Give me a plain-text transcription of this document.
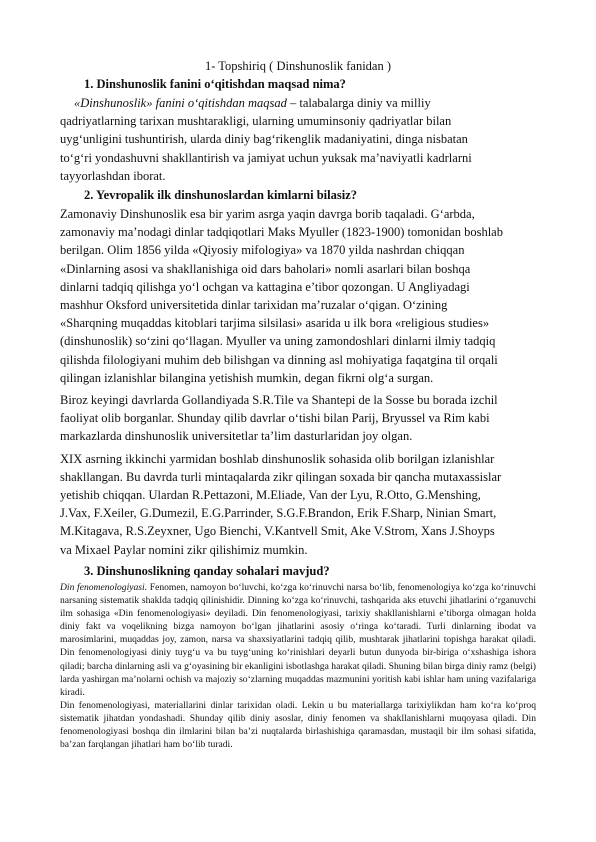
1- Topshiriq ( Dinshunoslik fanidan )

1. Dinshunoslik fanini o‘qitishdan maqsad nima?

«Dinshunoslik» fanini o‘qitishdan maqsad – talabalarga diniy va milliy

qadriyatlarning tarixan mushtarakligi, ularning umuminsoniy qadriyatlar bilan

uyg‘unligini tushuntirish, ularda diniy bag‘rikenglik madaniyatini, dinga nisbatan

to‘g‘ri yondashuvni shakllantirish va jamiyat uchun yuksak ma’naviyatli kadrlarni

tayyorlashdan iborat.

2. Yevropalik ilk dinshunoslardan kimlarni bilasiz?

Zamonaviy Dinshunoslik esa bir yarim asrga yaqin davrga borib taqaladi. G‘arbda,

zamonaviy ma’nodagi dinlar tadqiqotlari Maks Myuller (1823-1900) tomonidan boshlab

berilgan. Olim 1856 yilda «Qiyosiy mifologiya» va 1870 yilda nashrdan chiqqan

«Dinlarning asosi va shakllanishiga oid dars baholari» nomli asarlari bilan boshqa

dinlarni tadqiq qilishga yo‘l ochgan va kattagina e’tibor qozongan. U Angliyadagi

mashhur Oksford universitetida dinlar tarixidan ma’ruzalar o‘qigan. O‘zining

«Sharqning muqaddas kitoblari tarjima silsilasi» asarida u ilk bora «religious studies»

(dinshunoslik) so‘zini qo‘llagan. Myuller va uning zamondoshlari dinlarni ilmiy tadqiq

qilishda filologiyani muhim deb bilishgan va dinning asl mohiyatiga faqatgina til orqali

qilingan izlanishlar bilangina yetishish mumkin, degan fikrni olg‘a surgan.

Biroz keyingi davrlarda Gollandiyada S.R.Tile va Shantepi de la Sosse bu borada izchil

faoliyat olib borganlar. Shunday qilib davrlar o‘tishi bilan Parij, Bryussel va Rim kabi

markazlarda dinshunoslik universitetlar ta’lim dasturlaridan joy olgan.

XIX asrning ikkinchi yarmidan boshlab dinshunoslik sohasida olib borilgan izlanishlar

shakllangan. Bu davrda turli mintaqalarda zikr qilingan soxada bir qancha mutaxassislar

yetishib chiqqan. Ulardan R.Pettazoni, M.Eliade, Van der Lyu, R.Otto, G.Menshing,

J.Vax, F.Xeiler, G.Dumezil, E.G.Parrinder, S.G.F.Brandon, Erik F.Sharp, Ninian Smart,

M.Kitagava, R.S.Zeyxner, Ugo Bienchi, V.Kantvell Smit, Ake V.Strom, Xans J.Shoyps

va Mixael Paylar nomini zikr qilishimiz mumkin.

3. Dinshunoslikning qanday sohalari mavjud?

Din fenomenologiyasi. Fenomen, namoyon bo‘luvchi, ko‘zga ko‘rinuvchi narsa bo‘lib, fenomenologiya ko‘zga ko‘rinuvchi narsaning sistematik shaklda tadqiq qilinishidir. Dinning ko‘zga ko‘rinuvchi, tashqarida aks etuvchi jihatlarini o‘rganuvchi ilm sohasiga «Din fenomenologiyasi» deyiladi. Din fenomenologiyasi, tarixiy shakllanishlarni e’tiborga olmagan holda diniy fakt va voqelikning bizga namoyon bo‘lgan jihatlarini asosiy o‘ringa ko‘taradi. Turli dinlarning ibodat va marosimlarini, muqaddas joy, zamon, narsa va shaxsiyatlarini tadqiq qilib, mushtarak jihatlarini topishga harakat qiladi. Din fenomenologiyasi diniy tuyg‘u va bu tuyg‘uning ko‘rinishlari deyarli butun dunyoda bir-biriga o‘xshashiga ishora qiladi; barcha dinlarning asli va g‘oyasining bir ekanligini isbotlashga harakat qiladi. Shuning bilan birga diniy ramz (belgi) larda yashirgan ma’nolarni ochish va majoziy so‘zlarning muqaddas mazmunini yoritish kabi ishlar ham uning vazifalariga kiradi.

Din fenomenologiyasi, materiallarini dinlar tarixidan oladi. Lekin u bu materiallarga tarixiylikdan ham ko‘ra ko‘proq sistematik jihatdan yondashadi. Shunday qilib diniy asoslar, diniy fenomen va shakllanishlarni muqoyasa qiladi. Din fenomenologiyasi boshqa din ilmlarini bilan ba’zi nuqtalarda birlashishiga qaramasdan, mustaqil bir ilm sohasi sifatida, ba’zan farqlangan jihatlari ham bo‘lib turadi.
